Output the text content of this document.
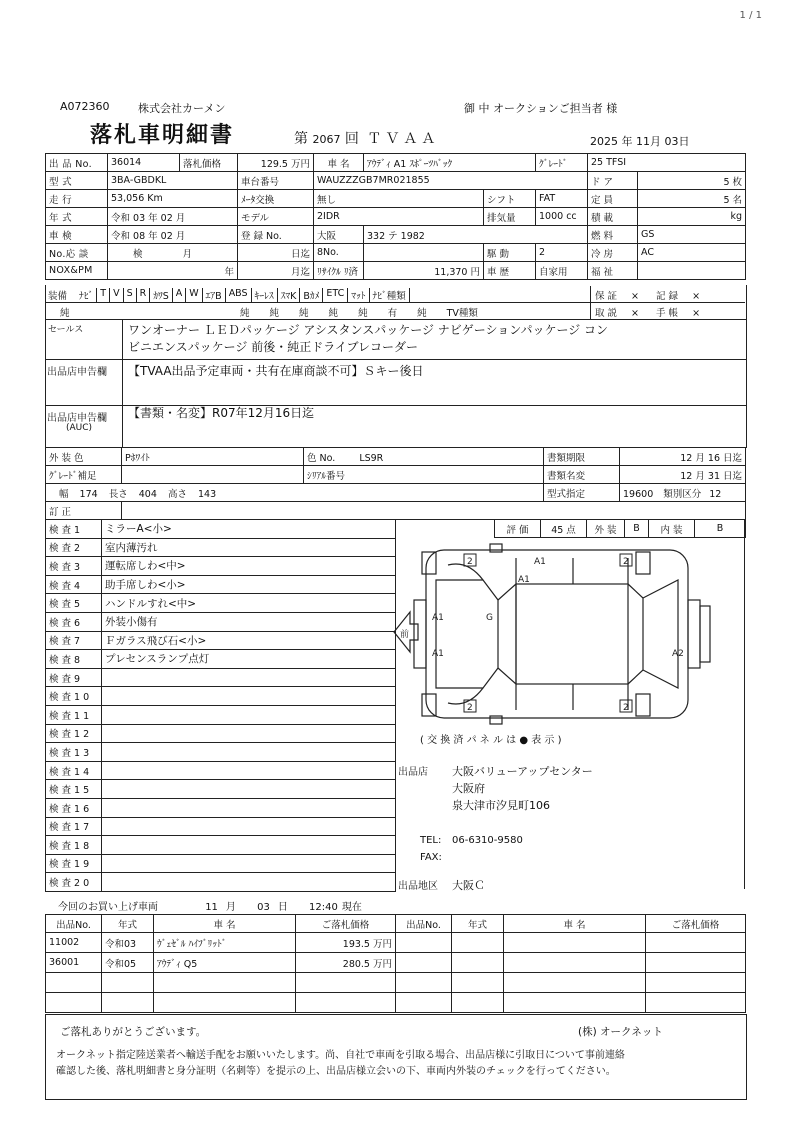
1 / 1
A072360	株式会社カーメン	御 中 オークションご担当者 様
落札車明細書	第 2067 回 ＴＶＡＡ	2025 年 11月 03日
出 品 No.	36014	落札価格	129.5 万円	車 名	ｱｳﾃﾞｨ A1 ｽﾎﾟｰﾂﾊﾞｯｸ		ｸﾞﾚｰﾄﾞ	25 TFSI	
型 式	3BA-GBDKL		車台番号	WAUZZZGB7MR021855				ド ア	5 枚
走 行	53,056 Km		ﾒｰﾀ交換	無し		シフト	FAT	定 員	5 名
年 式	令和 03 年 02 月		モデル	2IDR		排気量	1000 cc	積 載	kg
車 検	令和 08 年 02 月		登 録 No.	大阪	332 テ 1982			燃 料	GS
No.応 談	検 月		日迄	8No.		駆 動	2	冷 房	AC
NOX&PM	年		月迄	ﾘｻｲｸﾙ ﾘ済	11,370 円	車 歴	自家用	福 祉	
装備	ﾅﾋﾞ T V S R ｶﾜS A W ｴｱB ABS ｷｰﾚｽ ｽﾏK Bｶﾒ ETC ﾏｯﾄ ﾅﾋﾞ種類
純	純	純	純	純	純	有	純	TV種類
保 証 × 記 録 ×
取 説 × 手 帳 ×
セールス	ワンオーナー ＬＥＤパッケージ アシスタンスパッケージ ナビゲーションパッケージ コン
ビニエンスパッケージ 前後・純正ドライブレコーダー
出品店申告欄 【TVAA出品予定車両・共有在庫商談不可】Ｓキー後日
出品店申告欄
(AUC)
【書類・名変】R07年12月16日迄
外 装 色	Pﾎﾜｲﾄ	色 No. LS9R	書類期限	12 月 16 日迄
ｸﾞﾚｰﾄﾞ補足		ｼﾘｱﾙ番号	書類名変	12 月 31 日迄
幅 174 長さ 404 高さ 143			型式指定	19600 類別区分 12
訂 正				
検 査 1	ミラーA<小>
検 査 2	室内薄汚れ
検 査 3	運転席しわ<中>
検 査 4	助手席しわ<小>
検 査 5	ハンドルすれ<中>
検 査 6	外装小傷有
検 査 7	Ｆガラス飛び石<小>
検 査 8	プレセンスランプ点灯
検 査 9	
検 査 1 0	
検 査 1 1	
検 査 1 2	
検 査 1 3	
検 査 1 4	
検 査 1 5	
検 査 1 6	
検 査 1 7	
検 査 1 8	
検 査 1 9	
検 査 2 0	
評 価	45 点	外 装	B	内 装	B
2	A1	2
A1
A1	G
A1	A2
2	2
前
( 交 換 済 パ ネ ル は ● 表 示 )
出品店 大阪バリューアップセンター
大阪府
泉大津市汐見町106
TEL: 06-6310-9580
FAX:
出品地区 大阪Ｃ
今回のお買い上げ車両	11 月 03 日 12:40 現在
出品No.	年式	車 名	ご落札価格	出品No.	年式	車 名	ご落札価格
11002	令和03	ｳﾞｪｾﾞﾙ ﾊｲﾌﾞﾘｯﾄﾞ	193.5 万円				
36001	令和05	ｱｳﾃﾞｨ Q5	280.5 万円				

ご落札ありがとうございます。	(株) オークネット
オークネット指定陸送業者へ輸送手配をお願いいたします。尚、自社で車両を引取る場合、出品店様に引取日について事前連絡
確認した後、落札明細書と身分証明（名刺等）を提示の上、出品店様立会いの下、車両内外装のチェックを行ってください。
